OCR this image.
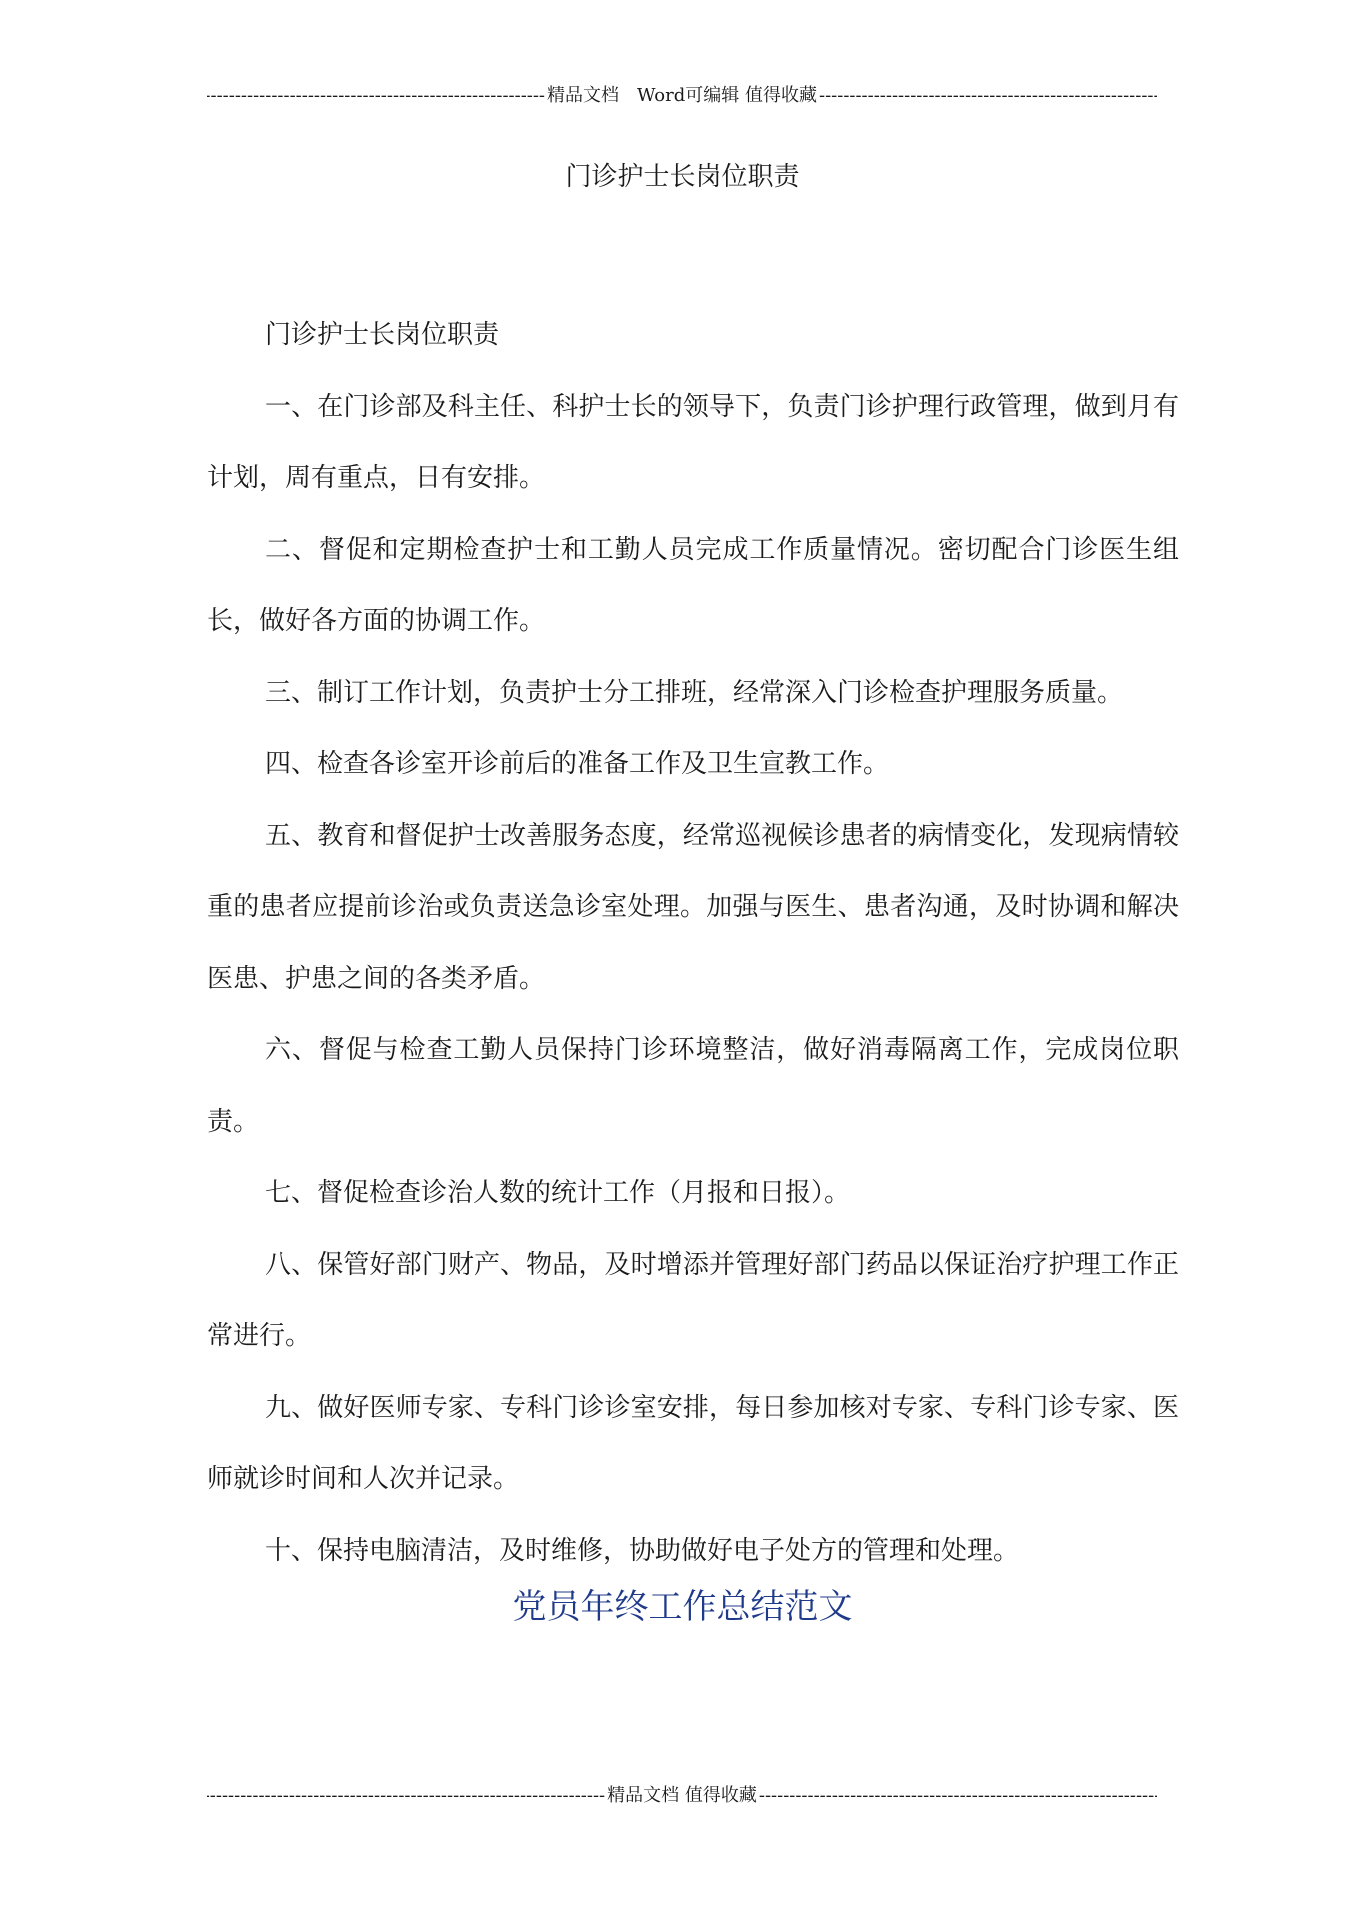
-----
精品文档　Word可编辑 值得收藏
-----
门诊护士长岗位职责

门诊护士长岗位职责

一、在门诊部及科主任、科护士长的领导下，负责门诊护理行政管理，做到月有计划，周有重点，日有安排。

二、督促和定期检查护士和工勤人员完成工作质量情况。密切配合门诊医生组长，做好各方面的协调工作。

三、制订工作计划，负责护士分工排班，经常深入门诊检查护理服务质量。

四、检查各诊室开诊前后的准备工作及卫生宣教工作。

五、教育和督促护士改善服务态度，经常巡视候诊患者的病情变化，发现病情较重的患者应提前诊治或负责送急诊室处理。加强与医生、患者沟通，及时协调和解决医患、护患之间的各类矛盾。

六、督促与检查工勤人员保持门诊环境整洁，做好消毒隔离工作，完成岗位职责。

七、督促检查诊治人数的统计工作（月报和日报）。

八、保管好部门财产、物品，及时增添并管理好部门药品以保证治疗护理工作正常进行。

九、做好医师专家、专科门诊诊室安排，每日参加核对专家、专科门诊专家、医师就诊时间和人次并记录。

十、保持电脑清洁，及时维修，协助做好电子处方的管理和处理。

党员年终工作总结范文
-----
精品文档 值得收藏
-----
